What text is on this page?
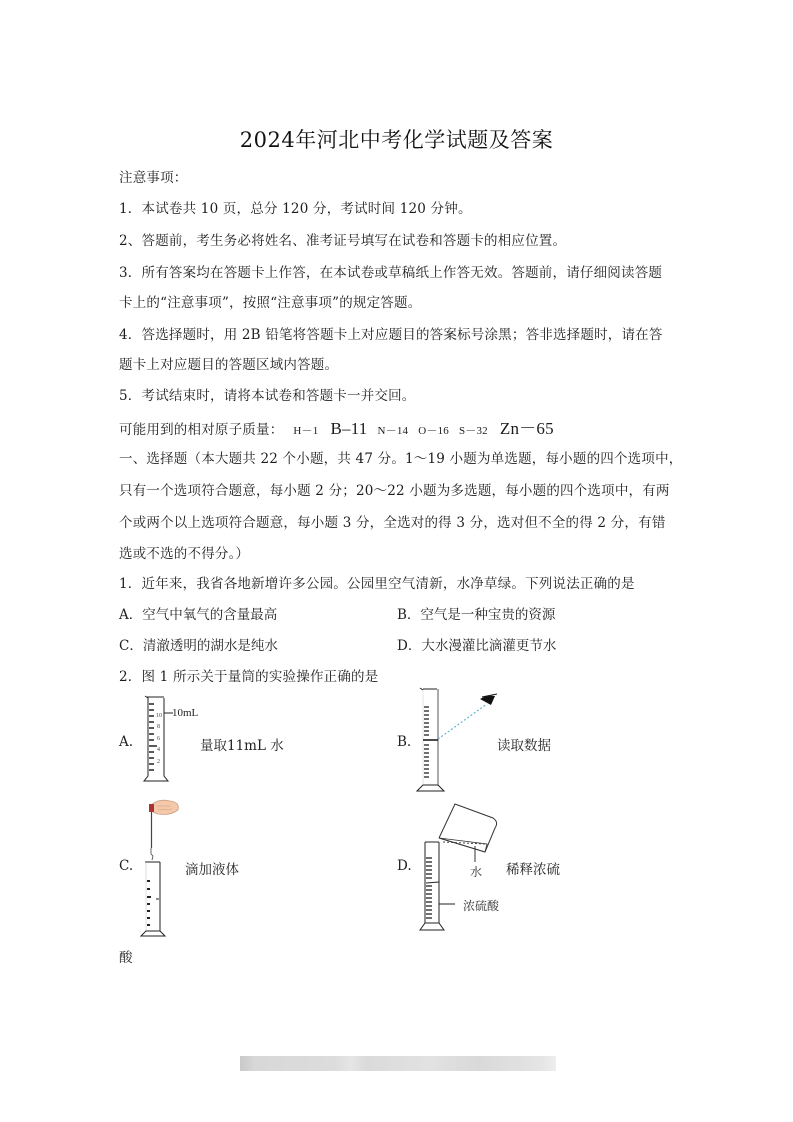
2024年河北中考化学试题及答案
注意事项：
1．本试卷共 10 页，总分 120 分，考试时间 120 分钟。
2、答题前，考生务必将姓名、准考证号填写在试卷和答题卡的相应位置。
3．所有答案均在答题卡上作答，在本试卷或草稿纸上作答无效。答题前，请仔细阅读答题
卡上的“注意事项”，按照“注意事项”的规定答题。
4．答选择题时，用 2B 铅笔将答题卡上对应题目的答案标号涂黑；答非选择题时，请在答
题卡上对应题目的答题区域内答题。
5．考试结束时，请将本试卷和答题卡一并交回。
可能用到的相对原子质量： H－1 B–11 N－14 O－16 S－32 Zn－65
一、选择题（本大题共 22 个小题，共 47 分。1～19 小题为单选题，每小题的四个选项中，
只有一个选项符合题意，每小题 2 分；20～22 小题为多选题，每小题的四个选项中，有两
个或两个以上选项符合题意，每小题 3 分，全选对的得 3 分，选对但不全的得 2 分，有错
选或不选的不得分。）
1．近年来，我省各地新增许多公园。公园里空气清新，水净草绿。下列说法正确的是
A．空气中氧气的含量最高	B．空气是一种宝贵的资源
C．清澈透明的湖水是纯水	D．大水漫灌比滴灌更节水
2．图 1 所示关于量筒的实验操作正确的是
A.
10
8
6
4
2
10mL
量取11mL 水	B.	读取数据
C.	滴加液体	D.	水
浓硫酸
稀释浓硫
酸
